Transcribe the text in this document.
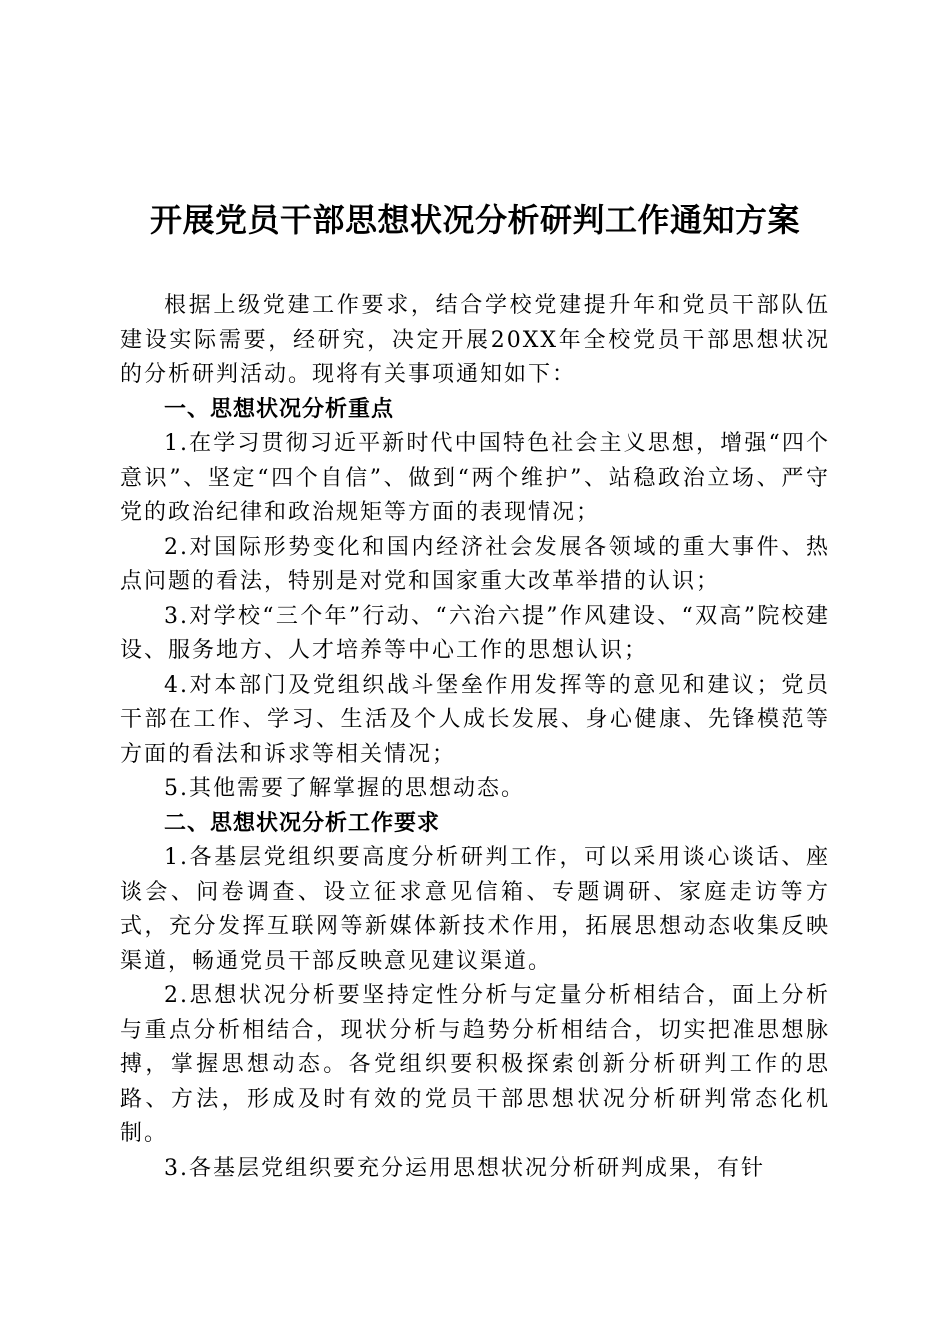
开展党员干部思想状况分析研判工作通知方案

根据上级党建工作要求，结合学校党建提升年和党员干部队伍建设实际需要，经研究，决定开展20XX年全校党员干部思想状况的分析研判活动。现将有关事项通知如下：

一、思想状况分析重点

1.在学习贯彻习近平新时代中国特色社会主义思想，增强“四个意识”、坚定“四个自信”、做到“两个维护”、站稳政治立场、严守党的政治纪律和政治规矩等方面的表现情况；

2.对国际形势变化和国内经济社会发展各领域的重大事件、热点问题的看法，特别是对党和国家重大改革举措的认识；

3.对学校“三个年”行动、“六治六提”作风建设、“双高”院校建设、服务地方、人才培养等中心工作的思想认识；

4.对本部门及党组织战斗堡垒作用发挥等的意见和建议；党员干部在工作、学习、生活及个人成长发展、身心健康、先锋模范等方面的看法和诉求等相关情况；

5.其他需要了解掌握的思想动态。

二、思想状况分析工作要求

1.各基层党组织要高度分析研判工作，可以采用谈心谈话、座谈会、问卷调查、设立征求意见信箱、专题调研、家庭走访等方式，充分发挥互联网等新媒体新技术作用，拓展思想动态收集反映渠道，畅通党员干部反映意见建议渠道。

2.思想状况分析要坚持定性分析与定量分析相结合，面上分析与重点分析相结合，现状分析与趋势分析相结合，切实把准思想脉搏，掌握思想动态。各党组织要积极探索创新分析研判工作的思路、方法，形成及时有效的党员干部思想状况分析研判常态化机制。

3.各基层党组织要充分运用思想状况分析研判成果，有针
